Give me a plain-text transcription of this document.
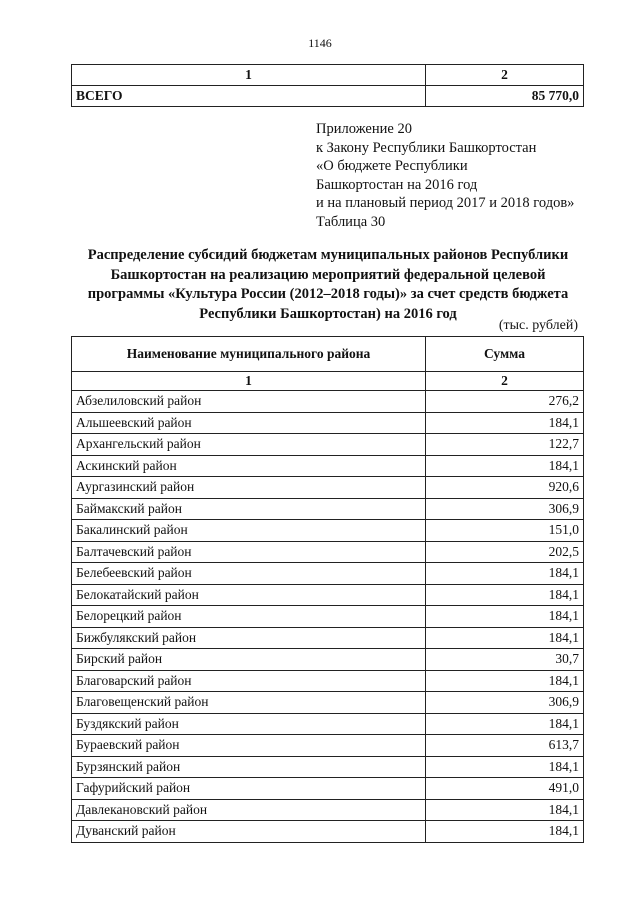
1146
1	2
ВСЕГО	85 770,0
Приложение 20
к Закону Республики Башкортостан
«О бюджете Республики
Башкортостан на 2016 год
и на плановый период 2017 и 2018 годов»
Таблица 30
Распределение субсидий бюджетам муниципальных районов Республики Башкортостан на реализацию мероприятий федеральной целевой программы «Культура России (2012–2018 годы)» за счет средств бюджета Республики Башкортостан) на 2016 год
(тыс. рублей)
Наименование муниципального района	Сумма
1	2
Абзелиловский район	276,2
Альшеевский район	184,1
Архангельский район	122,7
Аскинский район	184,1
Аургазинский район	920,6
Баймакский район	306,9
Бакалинский район	151,0
Балтачевский район	202,5
Белебеевский район	184,1
Белокатайский район	184,1
Белорецкий район	184,1
Бижбулякский район	184,1
Бирский район	30,7
Благоварский район	184,1
Благовещенский район	306,9
Буздякский район	184,1
Бураевский район	613,7
Бурзянский район	184,1
Гафурийский район	491,0
Давлекановский район	184,1
Дуванский район	184,1
